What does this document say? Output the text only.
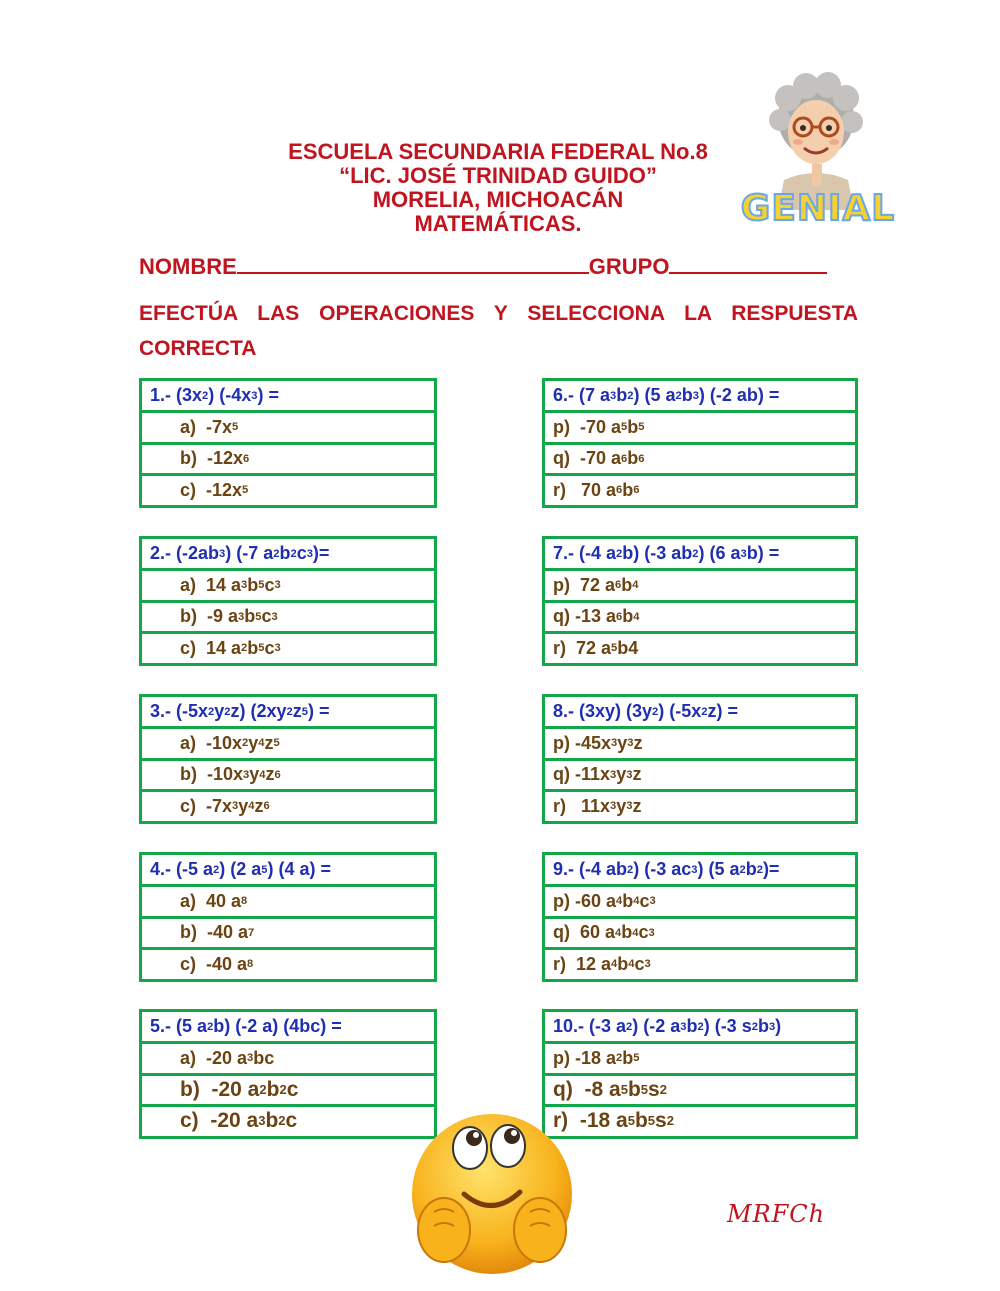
ESCUELA SECUNDARIA FEDERAL No.8
“LIC. JOSÉ TRINIDAD GUIDO”
MORELIA, MICHOACÁN
MATEMÁTICAS.	GENIAL
NOMBRE	GRUPO
EFECTÚA LAS OPERACIONES Y SELECCIONA LA RESPUESTA CORRECTA
1.- (3x 2 ) (-4x 3 ) =
a)  -7x 5
b)  -12x 6
c)  -12x 5
2.- (-2ab 3 ) (-7 a 2 b 2 c 3 )=
a)  14 a 3 b 5 c 3
b)  -9 a 3 b 5 c 3
c)  14 a 2 b 5 c 3
3.- (-5x 2 y 2 z) (2xy 2 z 5 ) =
a)  -10x 2 y 4 z 5
b)  -10x 3 y 4 z 6
c)  -7x 3 y 4 z 6
4.- (-5 a 2 ) (2 a 5 ) (4 a) =
a)  40 a 8
b)  -40 a 7
c)  -40 a 8
5.- (5 a 2 b) (-2 a) (4bc) =
a)  -20 a 3 bc
b)  -20 a 2 b 2 c
c)  -20 a 3 b 2 c
6.- (7 a 3 b 2 ) (5 a 2 b 3 ) (-2 ab) =
p)  -70 a 5 b 5
q)  -70 a 6 b 6
r)   70 a 6 b 6
7.- (-4 a 2 b) (-3 ab 2 ) (6 a 3 b) =
p)  72 a 6 b 4
q) -13 a 6 b 4
r)  72 a 5 b4
8.- (3xy) (3y 2 ) (-5x 2 z) =
p) -45x 3 y 3 z
q) -11x 3 y 3 z
r)   11x 3 y 3 z
9.- (-4 ab 2 ) (-3 ac 3 ) (5 a 2 b 2 )=
p) -60 a 4 b 4 c 3
q)  60 a 4 b 4 c 3
r)  12 a 4 b 4 c 3
10.- (-3 a 2 ) (-2 a 3 b 2 ) (-3 s 2 b 3 )
p) -18 a 2 b 5
q)  -8 a 5 b 5 s 2
r)  -18 a 5 b 5 s 2
MRFCh
